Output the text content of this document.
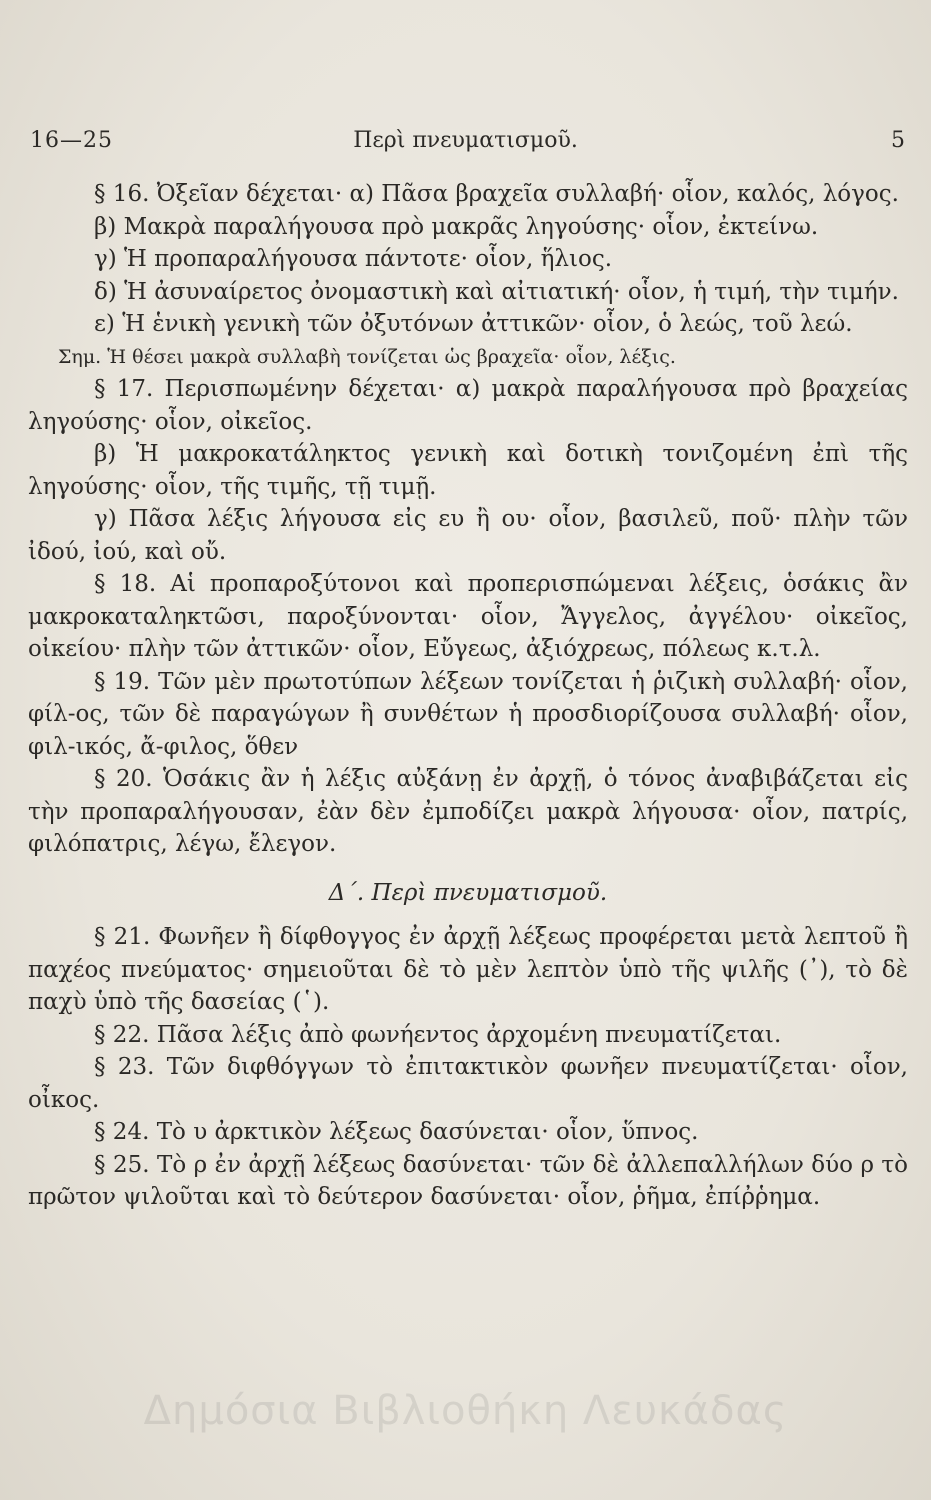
16—25	Περὶ πνευματισμοῦ.	5

§ 16. Ὀξεῖαν δέχεται· α) Πᾶσα βραχεῖα συλλαβή· οἷον, καλός, λόγος.

β) Μακρὰ παραλήγουσα πρὸ μακρᾶς ληγούσης· οἷον, ἐκτείνω.

γ) Ἡ προπαραλήγουσα πάντοτε· οἷον, ἥλιος.

δ) Ἡ ἀσυναίρετος ὀνομαστικὴ καὶ αἰτιατική· οἷον, ἡ τιμή, τὴν τιμήν.

ε) Ἡ ἑνικὴ γενικὴ τῶν ὀξυτόνων ἀττικῶν· οἷον, ὁ λεώς, τοῦ λεώ.

Σημ. Ἡ θέσει μακρὰ συλλαβὴ τονίζεται ὡς βραχεῖα· οἷον, λέξις.

§ 17. Περισπωμένην δέχεται· α) μακρὰ παραλήγουσα πρὸ βραχείας ληγούσης· οἷον, οἰκεῖος.

β) Ἡ μακροκατάληκτος γενικὴ καὶ δοτικὴ τονιζομένη ἐπὶ τῆς ληγούσης· οἷον, τῆς τιμῆς, τῇ τιμῇ.

γ) Πᾶσα λέξις λήγουσα εἰς ευ ἢ ου· οἷον, βασιλεῦ, ποῦ· πλὴν τῶν ἰδού, ἰού, καὶ οὔ.

§ 18. Αἱ προπαροξύτονοι καὶ προπερισπώμεναι λέξεις, ὁσάκις ἂν μακροκαταληκτῶσι, παροξύνονται· οἷον, Ἄγγελος, ἀγγέλου· οἰκεῖος, οἰκείου· πλὴν τῶν ἀττικῶν· οἷον, Εὔγεως, ἀξιόχρεως, πόλεως κ.τ.λ.

§ 19. Τῶν μὲν πρωτοτύπων λέξεων τονίζεται ἡ ῥιζικὴ συλλαβή· οἷον, φίλ-ος, τῶν δὲ παραγώγων ἢ συνθέτων ἡ προσδιορίζουσα συλλαβή· οἷον, φιλ-ικός, ἄ-φιλος, ὅθεν

§ 20. Ὁσάκις ἂν ἡ λέξις αὐξάνῃ ἐν ἀρχῇ, ὁ τόνος ἀναβιβάζεται εἰς τὴν προπαραλήγουσαν, ἐὰν δὲν ἐμποδίζει μακρὰ λήγουσα· οἷον, πατρίς, φιλόπατρις, λέγω, ἔλεγον.

Δ΄. Περὶ πνευματισμοῦ.

§ 21. Φωνῆεν ἢ δίφθογγος ἐν ἀρχῇ λέξεως προφέρεται μετὰ λεπτοῦ ἢ παχέος πνεύματος· σημειοῦται δὲ τὸ μὲν λεπτὸν ὑπὸ τῆς ψιλῆς (᾿), τὸ δὲ παχὺ ὑπὸ τῆς δασείας (῾).

§ 22. Πᾶσα λέξις ἀπὸ φωνήεντος ἀρχομένη πνευματίζεται.

§ 23. Τῶν διφθόγγων τὸ ἐπιτακτικὸν φωνῆεν πνευματίζεται· οἷον, οἶκος.

§ 24. Τὸ υ ἀρκτικὸν λέξεως δασύνεται· οἷον, ὕπνος.

§ 25. Τὸ ρ ἐν ἀρχῇ λέξεως δασύνεται· τῶν δὲ ἀλλεπαλλήλων δύο ρ τὸ πρῶτον ψιλοῦται καὶ τὸ δεύτερον δασύνεται· οἷον, ῥῆμα, ἐπίῤῥημα.

Δημόσια Βιβλιοθήκη Λευκάδας
